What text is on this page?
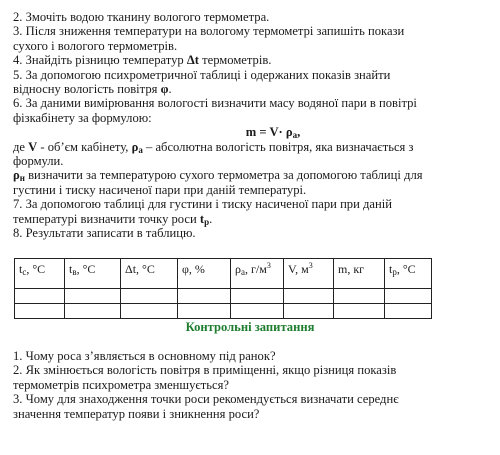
2. Змочіть водою тканину вологого термометра.
3. Після зниження температури на вологому термометрі запишіть покази
сухого і вологого термометрів.
4. Знайдіть різницю температур Δt термометрів.
5. За допомогою психрометричної таблиці і одержаних показів знайти
відносну вологість повітря φ.
6. За даними вимірювання вологості визначити масу водяної пари в повітрі
фізкабінету за формулою:
$m = V\cdot \rho_а$,
де V - об’єм кабінету, $\rho_а$ – абсолютна вологість повітря, яка визначається з
формули.
$\rho_н$ визначити за температурою сухого термометра за допомогою таблиці для
густини і тиску насиченої пари при даній температурі.
7. За допомогою таблиці для густини і тиску насиченої пари при даній
температурі визначити точку роси $t_р$.
8. Результати записати в таблицю.
$t_с$, °С	$t_в$, °С	Δt, °С	φ, %	$\rho_а$, $г/м^3$	V, $м^3$	m, кг	$t_р$, °С

Контрольні запитання
1. Чому роса з’являється в основному під ранок?
2. Як змінюється вологість повітря в приміщенні, якщо різниця показів
термометрів психрометра зменшується?
3. Чому для знаходження точки роси рекомендується визначати середнє
значення температур появи і зникнення роси?
